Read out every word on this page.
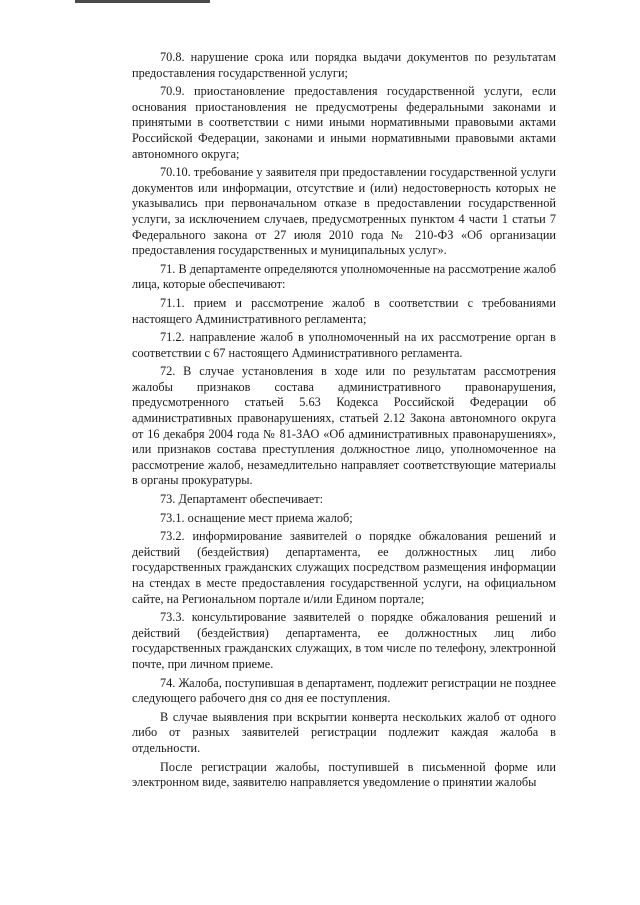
70.8. нарушение срока или порядка выдачи документов по результатам предоставления государственной услуги;

70.9. приостановление предоставления государственной услуги, если основания приостановления не предусмотрены федеральными законами и принятыми в соответствии с ними иными нормативными правовыми актами Российской Федерации, законами и иными нормативными правовыми актами автономного округа;

70.10. требование у заявителя при предоставлении государственной услуги документов или информации, отсутствие и (или) недостоверность которых не указывались при первоначальном отказе в предоставлении государственной услуги, за исключением случаев, предусмотренных пунктом 4 части 1 статьи 7 Федерального закона от 27 июля 2010 года № 210-ФЗ «Об организации предоставления государственных и муниципальных услуг».

71. В департаменте определяются уполномоченные на рассмотрение жалоб лица, которые обеспечивают:

71.1. прием и рассмотрение жалоб в соответствии с требованиями настоящего Административного регламента;

71.2. направление жалоб в уполномоченный на их рассмотрение орган в соответствии с 67 настоящего Административного регламента.

72. В случае установления в ходе или по результатам рассмотрения жалобы признаков состава административного правонарушения, предусмотренного статьей 5.63 Кодекса Российской Федерации об административных правонарушениях, статьей 2.12 Закона автономного округа от 16 декабря 2004 года № 81-ЗАО «Об административных правонарушениях», или признаков состава преступления должностное лицо, уполномоченное на рассмотрение жалоб, незамедлительно направляет соответствующие материалы в органы прокуратуры.

73. Департамент обеспечивает:

73.1. оснащение мест приема жалоб;

73.2. информирование заявителей о порядке обжалования решений и действий (бездействия) департамента, ее должностных лиц либо государственных гражданских служащих посредством размещения информации на стендах в месте предоставления государственной услуги, на официальном сайте, на Региональном портале и/или Едином портале;

73.3. консультирование заявителей о порядке обжалования решений и действий (бездействия) департамента, ее должностных лиц либо государственных гражданских служащих, в том числе по телефону, электронной почте, при личном приеме.

74. Жалоба, поступившая в департамент, подлежит регистрации не позднее следующего рабочего дня со дня ее поступления.

В случае выявления при вскрытии конверта нескольких жалоб от одного либо от разных заявителей регистрации подлежит каждая жалоба в отдельности.

После регистрации жалобы, поступившей в письменной форме или электронном виде, заявителю направляется уведомление о принятии жалобы
